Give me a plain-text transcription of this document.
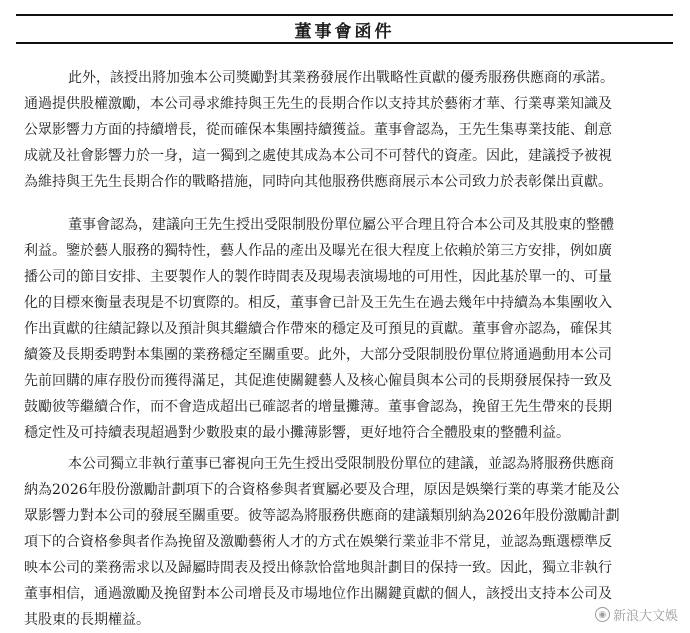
董事會函件
此外，該授出將加強本公司獎勵對其業務發展作出戰略性貢獻的優秀服務供應商的承諾。
通過提供股權激勵，本公司尋求維持與王先生的長期合作以支持其於藝術才華、行業專業知識及
公眾影響力方面的持續增長，從而確保本集團持續獲益。董事會認為，王先生集專業技能、創意
成就及社會影響力於一身，這一獨到之處使其成為本公司不可替代的資產。因此，建議授予被視
為維持與王先生長期合作的戰略措施，同時向其他服務供應商展示本公司致力於表彰傑出貢獻。
董事會認為，建議向王先生授出受限制股份單位屬公平合理且符合本公司及其股東的整體
利益。鑒於藝人服務的獨特性，藝人作品的產出及曝光在很大程度上依賴於第三方安排，例如廣
播公司的節目安排、主要製作人的製作時間表及現場表演場地的可用性，因此基於單一的、可量
化的目標來衡量表現是不切實際的。相反，董事會已計及王先生在過去幾年中持續為本集團收入
作出貢獻的往績記錄以及預計與其繼續合作帶來的穩定及可預見的貢獻。董事會亦認為，確保其
續簽及長期委聘對本集團的業務穩定至關重要。此外，大部分受限制股份單位將通過動用本公司
先前回購的庫存股份而獲得滿足，其促進使關鍵藝人及核心僱員與本公司的長期發展保持一致及
鼓勵彼等繼續合作，而不會造成超出已確認者的增量攤薄。董事會認為，挽留王先生帶來的長期
穩定性及可持續表現超過對少數股東的最小攤薄影響，更好地符合全體股東的整體利益。
本公司獨立非執行董事已審視向王先生授出受限制股份單位的建議，並認為將服務供應商
納為2026年股份激勵計劃項下的合資格參與者實屬必要及合理，原因是娛樂行業的專業才能及公
眾影響力對本公司的發展至關重要。彼等認為將服務供應商的建議類別納為2026年股份激勵計劃
項下的合資格參與者作為挽留及激勵藝術人才的方式在娛樂行業並非不常見，並認為甄選標準反
映本公司的業務需求以及歸屬時間表及授出條款恰當地與計劃目的保持一致。因此，獨立非執行
董事相信，通過激勵及挽留對本公司增長及市場地位作出關鍵貢獻的個人，該授出支持本公司及
其股東的長期權益。	◉ 新浪大文娛
